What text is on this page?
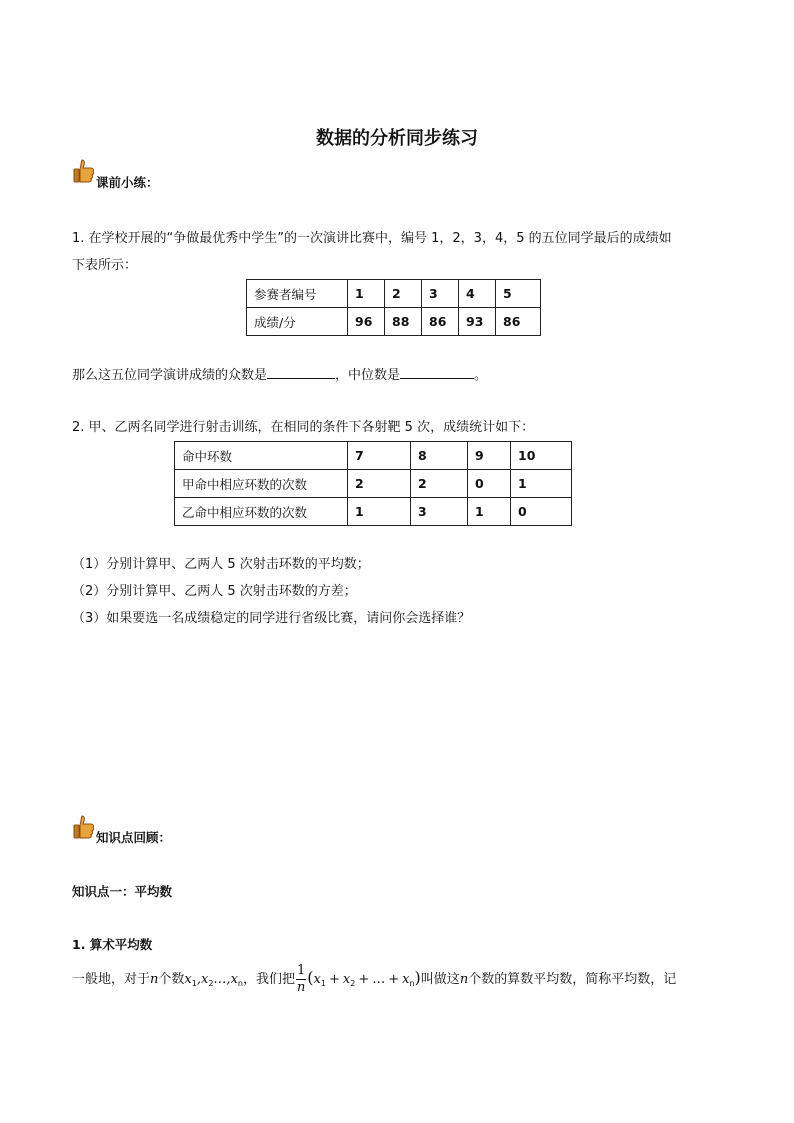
数据的分析同步练习
课前小练：
1. 在学校开展的“争做最优秀中学生”的一次演讲比赛中，编号 1，2，3，4，5 的五位同学最后的成绩如
下表所示：
参赛者编号	1	2	3	4	5
成绩/分	96	88	86	93	86
那么这五位同学演讲成绩的众数是	，中位数是	。
2. 甲、乙两名同学进行射击训练，在相同的条件下各射靶 5 次，成绩统计如下：
命中环数	7	8	9	10
甲命中相应环数的次数	2	2	0	1
乙命中相应环数的次数	1	3	1	0
（1）分别计算甲、乙两人 5 次射击环数的平均数；
（2）分别计算甲、乙两人 5 次射击环数的方差；
（3）如果要选一名成绩稳定的同学进行省级比赛，请问你会选择谁？
知识点回顾：
知识点一：平均数
1. 算术平均数
一般地，对于n个数$x_1,x_2\dots,x_n$，我们把 $\frac{1}{n} (x_1 + x_2$ + … + $x_n$)叫做这n个数的算数平均数，简称平均数，记
